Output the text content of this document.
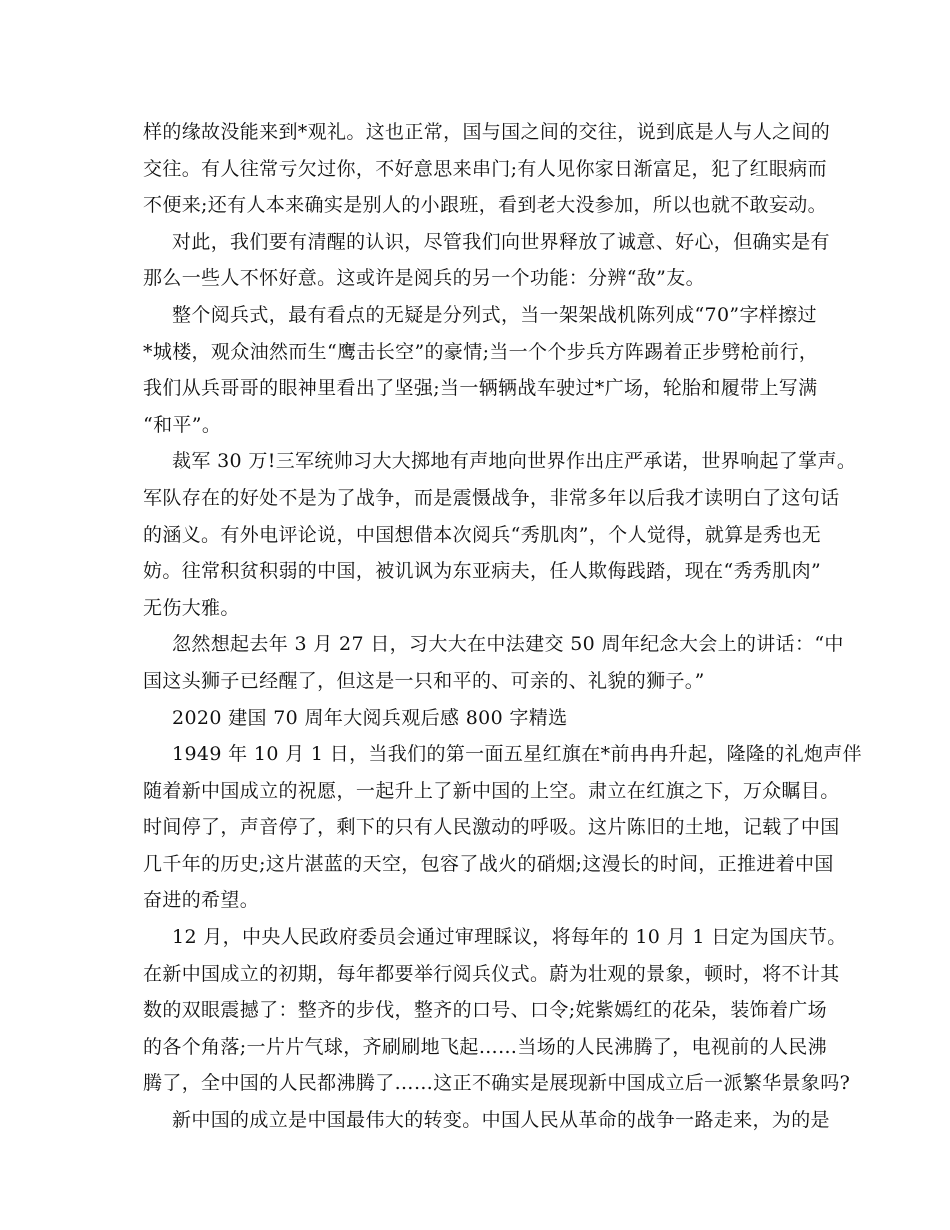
样的缘故没能来到*观礼。这也正常，国与国之间的交往，说到底是人与人之间的
交往。有人往常亏欠过你，不好意思来串门;有人见你家日渐富足，犯了红眼病而
不便来;还有人本来确实是别人的小跟班，看到老大没参加，所以也就不敢妄动。
对此，我们要有清醒的认识，尽管我们向世界释放了诚意、好心，但确实是有
那么一些人不怀好意。这或许是阅兵的另一个功能：分辨“敌”友。
整个阅兵式，最有看点的无疑是分列式，当一架架战机陈列成“70”字样擦过
*城楼，观众油然而生“鹰击长空”的豪情;当一个个步兵方阵踢着正步劈枪前行，
我们从兵哥哥的眼神里看出了坚强;当一辆辆战车驶过*广场，轮胎和履带上写满
“和平”。
裁军 30 万!三军统帅习大大掷地有声地向世界作出庄严承诺，世界响起了掌声。
军队存在的好处不是为了战争，而是震慑战争，非常多年以后我才读明白了这句话
的涵义。有外电评论说，中国想借本次阅兵“秀肌肉”，个人觉得，就算是秀也无
妨。往常积贫积弱的中国，被讥讽为东亚病夫，任人欺侮践踏，现在“秀秀肌肉”
无伤大雅。
忽然想起去年 3 月 27 日，习大大在中法建交 50 周年纪念大会上的讲话：“中
国这头狮子已经醒了，但这是一只和平的、可亲的、礼貌的狮子。”
2020 建国 70 周年大阅兵观后感 800 字精选
1949 年 10 月 1 日，当我们的第一面五星红旗在*前冉冉升起，隆隆的礼炮声伴
随着新中国成立的祝愿，一起升上了新中国的上空。肃立在红旗之下，万众瞩目。
时间停了，声音停了，剩下的只有人民激动的呼吸。这片陈旧的土地，记载了中国
几千年的历史;这片湛蓝的天空，包容了战火的硝烟;这漫长的时间，正推进着中国
奋进的希望。
12 月，中央人民政府委员会通过审理睬议，将每年的 10 月 1 日定为国庆节。
在新中国成立的初期，每年都要举行阅兵仪式。蔚为壮观的景象，顿时，将不计其
数的双眼震撼了：整齐的步伐，整齐的口号、口令;姹紫嫣红的花朵，装饰着广场
的各个角落;一片片气球，齐刷刷地飞起……当场的人民沸腾了，电视前的人民沸
腾了，全中国的人民都沸腾了……这正不确实是展现新中国成立后一派繁华景象吗?
新中国的成立是中国最伟大的转变。中国人民从革命的战争一路走来，为的是
